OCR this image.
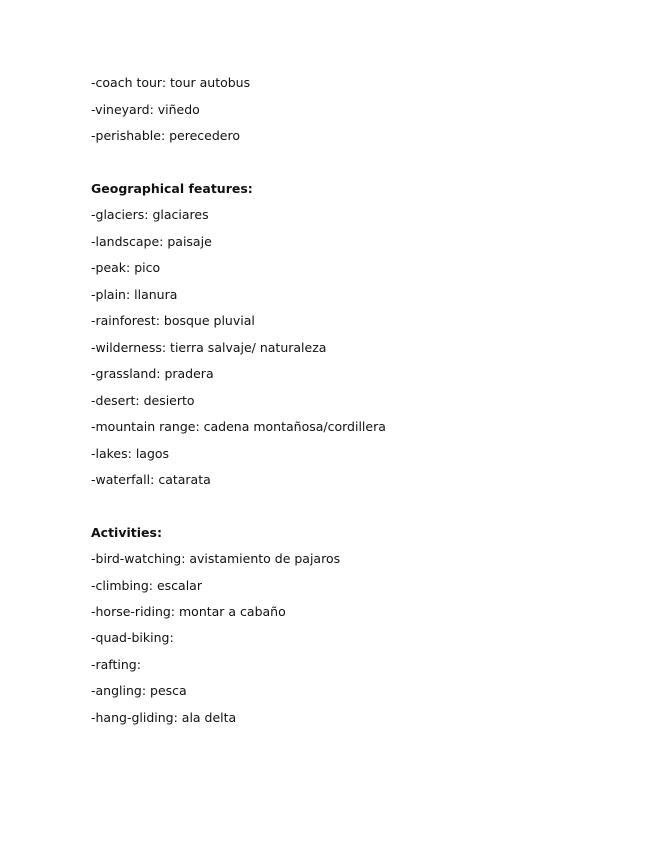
-coach tour: tour autobus
-vineyard: viñedo
-perishable: perecedero
Geographical features:
-glaciers: glaciares
-landscape: paisaje
-peak: pico
-plain: llanura
-rainforest: bosque pluvial
-wilderness: tierra salvaje/ naturaleza
-grassland: pradera
-desert: desierto
-mountain range: cadena montañosa/cordillera
-lakes: lagos
-waterfall: catarata
Activities:
-bird-watching: avistamiento de pajaros
-climbing: escalar
-horse-riding: montar a cabaño
-quad-biking:
-rafting:
-angling: pesca
-hang-gliding: ala delta
